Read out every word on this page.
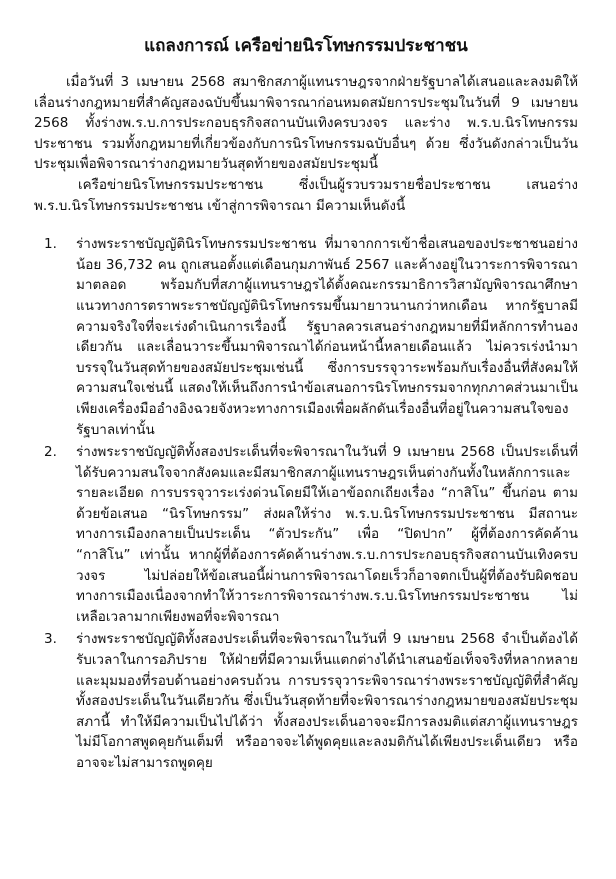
แถลงการณ์ เครือข่ายนิรโทษกรรมประชาชน

เมื่อวันที่ 3 เมษายน 2568 สมาชิกสภาผู้แทนราษฎรจากฝ่ายรัฐบาลได้เสนอและลงมติให้เลื่อนร่างกฎหมายที่สำคัญสองฉบับขึ้นมาพิจารณาก่อนหมดสมัยการประชุมในวันที่ 9 เมษายน 2568 ทั้งร่างพ.ร.บ.การประกอบธุรกิจสถานบันเทิงครบวงจร และร่าง พ.ร.บ.นิรโทษกรรมประชาชน รวมทั้งกฎหมายที่เกี่ยวข้องกับการนิรโทษกรรมฉบับอื่นๆ ด้วย ซึ่งวันดังกล่าวเป็นวันประชุมเพื่อพิจารณาร่างกฎหมายวันสุดท้ายของสมัยประชุมนี้

เครือข่ายนิรโทษกรรมประชาชน ซึ่งเป็นผู้รวบรวมรายชื่อประชาชน เสนอร่าง พ.ร.บ.นิรโทษกรรมประชาชน เข้าสู่การพิจารณา มีความเห็นดังนี้

1. ร่างพระราชบัญญัตินิรโทษกรรมประชาชน ที่มาจากการเข้าชื่อเสนอของประชาชนอย่างน้อย 36,732 คน ถูกเสนอตั้งแต่เดือนกุมภาพันธ์ 2567 และค้างอยู่ในวาระการพิจารณามาตลอด พร้อมกับที่สภาผู้แทนราษฎรได้ตั้งคณะกรรมาธิการวิสามัญพิจารณาศึกษาแนวทางการตราพระราชบัญญัตินิรโทษกรรมขึ้นมายาวนานกว่าหกเดือน หากรัฐบาลมีความจริงใจที่จะเร่งดำเนินการเรื่องนี้ รัฐบาลควรเสนอร่างกฎหมายที่มีหลักการทำนองเดียวกัน และเลื่อนวาระขึ้นมาพิจารณาได้ก่อนหน้านี้หลายเดือนแล้ว ไม่ควรเร่งนำมาบรรจุในวันสุดท้ายของสมัยประชุมเช่นนี้ ซึ่งการบรรจุวาระพร้อมกับเรื่องอื่นที่สังคมให้ความสนใจเช่นนี้ แสดงให้เห็นถึงการนำข้อเสนอการนิรโทษกรรมจากทุกภาคส่วนมาเป็นเพียงเครื่องมืออำงอิงฉวยจังหวะทางการเมืองเพื่อผลักดันเรื่องอื่นที่อยู่ในความสนใจของรัฐบาลเท่านั้น
2. ร่างพระราชบัญญัติทั้งสองประเด็นที่จะพิจารณาในวันที่ 9 เมษายน 2568 เป็นประเด็นที่ได้รับความสนใจจากสังคมและมีสมาชิกสภาผู้แทนราษฎรเห็นต่างกันทั้งในหลักการและรายละเอียด การบรรจุวาระเร่งด่วนโดยมีให้เอาข้อถกเถียงเรื่อง “กาสิโน” ขึ้นก่อน ตามด้วยข้อเสนอ “นิรโทษกรรม” ส่งผลให้ร่าง พ.ร.บ.นิรโทษกรรมประชาชน มีสถานะทางการเมืองกลายเป็นประเด็น “ตัวประกัน” เพื่อ “ปิดปาก” ผู้ที่ต้องการคัดค้าน “กาสิโน” เท่านั้น หากผู้ที่ต้องการคัดค้านร่างพ.ร.บ.การประกอบธุรกิจสถานบันเทิงครบวงจร ไม่ปล่อยให้ข้อเสนอนี้ผ่านการพิจารณาโดยเร็วก็อาจตกเป็นผู้ที่ต้องรับผิดชอบทางการเมืองเนื่องจากทำให้วาระการพิจารณาร่างพ.ร.บ.นิรโทษกรรมประชาชน ไม่เหลือเวลามากเพียงพอที่จะพิจารณา
3. ร่างพระราชบัญญัติทั้งสองประเด็นที่จะพิจารณาในวันที่ 9 เมษายน 2568 จำเป็นต้องได้รับเวลาในการอภิปราย ให้ฝ่ายที่มีความเห็นแตกต่างได้นำเสนอข้อเท็จจริงที่หลากหลาย และมุมมองที่รอบด้านอย่างครบถ้วน การบรรจุวาระพิจารณาร่างพระราชบัญญัติที่สำคัญทั้งสองประเด็นในวันเดียวกัน ซึ่งเป็นวันสุดท้ายที่จะพิจารณาร่างกฎหมายของสมัยประชุมสภานี้ ทำให้มีความเป็นไปได้ว่า ทั้งสองประเด็นอาจจะมีการลงมติแต่สภาผู้แทนราษฎรไม่มีโอกาสพูดคุยกันเต็มที่ หรืออาจจะได้พูดคุยและลงมติกันได้เพียงประเด็นเดียว หรืออาจจะไม่สามารถพูดคุย
